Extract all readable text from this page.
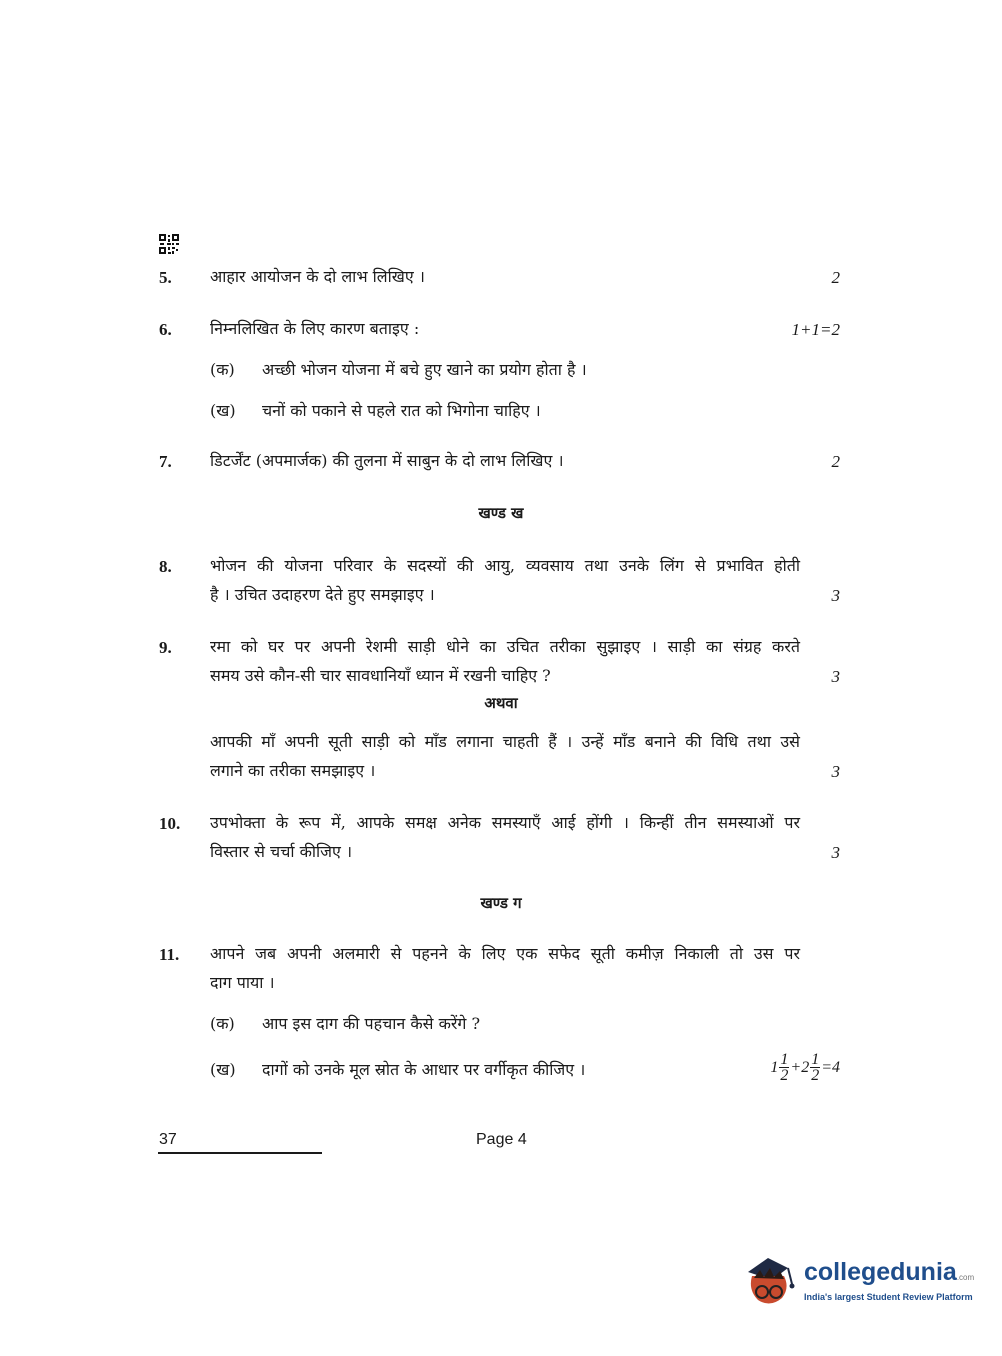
5. आहार आयोजन के दो लाभ लिखिए ।	2
6. निम्नलिखित के लिए कारण बताइए :	1+1=2
(क) अच्छी भोजन योजना में बचे हुए खाने का प्रयोग होता है ।
(ख) चनों को पकाने से पहले रात को भिगोना चाहिए ।
7. डिटर्जेंट (अपमार्जक) की तुलना में साबुन के दो लाभ लिखिए ।	2
खण्ड ख
8. भोजन की योजना परिवार के सदस्यों की आयु, व्यवसाय तथा उनके लिंग से प्रभावित होती
है । उचित उदाहरण देते हुए समझाइए ।	3
9. रमा को घर पर अपनी रेशमी साड़ी धोने का उचित तरीका सुझाइए । साड़ी का संग्रह करते
समय उसे कौन-सी चार सावधानियाँ ध्यान में रखनी चाहिए ?	3
अथवा
आपकी माँ अपनी सूती साड़ी को माँड लगाना चाहती हैं । उन्हें माँड बनाने की विधि तथा उसे
लगाने का तरीका समझाइए ।	3
10. उपभोक्ता के रूप में, आपके समक्ष अनेक समस्याएँ आई होंगी । किन्हीं तीन समस्याओं पर
विस्तार से चर्चा कीजिए ।	3
खण्ड ग
11. आपने जब अपनी अलमारी से पहनने के लिए एक सफेद सूती कमीज़ निकाली तो उस पर
दाग पाया ।
(क) आप इस दाग की पहचान कैसे करेंगे ?
(ख) दागों को उनके मूल स्रोत के आधार पर वर्गीकृत कीजिए ।	$1 \frac{1}{2} + 2 \frac{1}{2} =4$
37	Page 4
collegedunia.com
India's largest Student Review Platform
